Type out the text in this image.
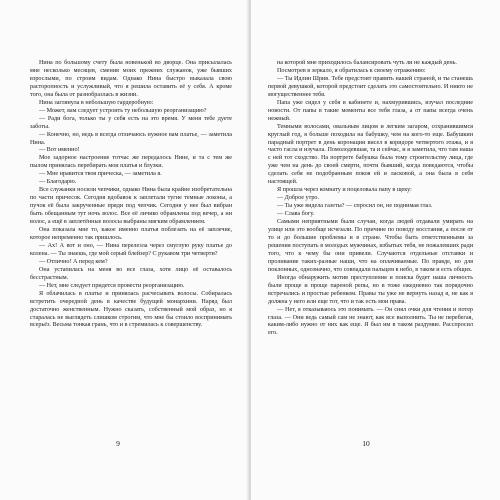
Нина по большому счету была новенькой во дворце. Она присылалась мне несколько месяцев, сменив моих прежних служанок, уже бывших взрослыми, по строим видам. Однако Нина быстро выказала свою расторопность и услужливый, что я решила оставить её у себя. А кроме того, она была от разнобразлась в жизни.

Нина заглянула в небольшую гардеробную:

— Может, вам следует устроить ту небольшую реорганизацию?

— Ради бога, только ты у себя есть на это время. У меня тебе дуете заботы.

— Конечно, но, ведь в всегда отличаюсь нужное вам платье, — заметила Нина.

— Вот именно!

Мое задорное настроение тотчас же передалось Нине, и та с тем же пылом принялась перебирать мои платья и блузки.

— Мне нравится твоя прическа, — заметила я.

— Благодарю.

Все служанки носили чепчики, однако Нина была крайне изобретательна по части причесок. Сегодня вдобавок к заплетали тугие темные локоны, а пучок её была закрученные пряди под чепчик. Сегодня у нее был вибран быть обещанным тут ночь волос. Все её личико обрамлены под вечер, а ни волос, а ещё в заплетённые волосы выбраны мягким обрамлением.

Она показала мне то, какое именно платья поблезать на её заплечие, которое непременно так пришлось.

— Ах! А вот и оно, — Нина перелезла через смуглую руку платье до колена. — Ты знаешь, где мой серый блейзер? С рукавом три четверти?

— Отлично! А перед кем?

Она устапилась на меня во все глаза, хотя лицо её оставалось бесстрастным.

— Нет, мне следует придется провести реорганизацию.

Я облачилась в платье и принялась расчесывать волосы. Собиралась встретить очередной день в качестве будущей монархини. Наряд был достаточно женственным. Нужно сказать, собственный мой образ, но я старалась не выглядеть слишком строгим, что мне бы стоило воспринимать всерьёз. Весьма тонкая грань, что и в стремилась к совершенству.

9

на которой мне приходилось балансировать чуть ли не каждый день.

Посмотрев в зеркало, я обратилась к своему отражению:

— Ты Идлин Шрив. Тебе предстоит править нашей страной, и ты станешь первой девушкой, которой предстоит сделать это самостоятельно. И никто не могущественнее тебя.

Папа уже сидел у себя в кабинете и, нахмурившись, изучал последние новости. От папы в такие моменты все тебя глаза, а от папы всегда очень нежный.

Темными волосами, овальным лицом и легким загаром, сохранившимся круглый год, я больше походила на бабушку, чем на кого-то еще. Бабушкин парадный портрет в день коронации висел в коридоре четвертого этажа, и я часто гасла и изучала. Помолодевшая, та и сейчас, и я заметила, что там наша с ней тот сходство. На портрете бабушка была тому строительству лица, где уже чем на день до своей смерти, почти бывший, когда поведаются, чтобы сделать себя не подобранным покоя ей и ласковой, а она была в себя настоящей.

Я прошла через комнату и поцеловала папу в щеку:

— Доброе утро.

— Ты уже видела газеты? — спросил он, не поднимая глаз.

— Слава богу.

Самыми неприятными были случаи, когда людей отдавали умирать на улице или это вообще исчезали. По причине по поводу восстания, а после от то и до большие проблемы и в стране. Чтобы быть ответственными за решения поступать в молодых мужчинах, избытых тебя, не пожалевших ради того, что к чему бы они привели. Случаются отдельные отставки и проливание таких-разные наши, что на оплачиваемые. По правде, но для поклонных, однозначно, что совпадали пальцем в небо, в таком и есть общих.

Иногда обнаружить мотив преступления и поиска будет наша личность были проще и проще пареной репы, но в тоже ежедневно так порядочно встречались и простые ребенком. Правы ты уже не вернуть назад я, не как я должна у него или еще тот, что и так есть мои права.

— Нет, я отказываюсь это понимать. — Он снял очки для чтения и потер глаза. — Они ведь самый сам не знают, как все выполнить. Ты не перебегая, каким-либо нужно от них как еще. Я был им в таком раздумие. Расспросил его.

10
